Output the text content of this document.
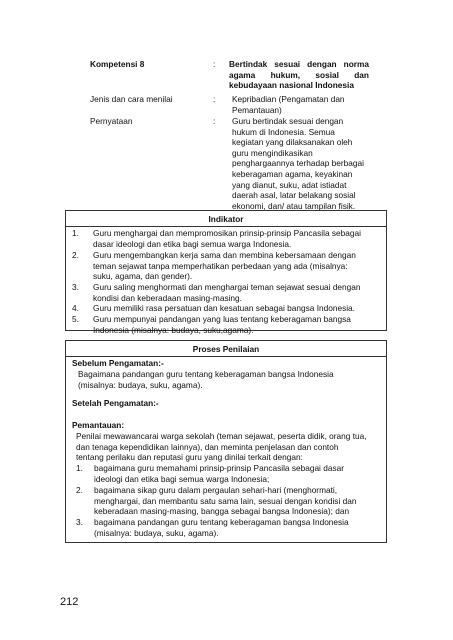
Kompetensi 8	: Bertindak sesuai dengan norma
agama hukum, sosial dan
kebudayaan nasional Indonesia
Jenis dan cara menilai	: Kepribadian (Pengamatan dan
Pemantauan)
Pernyataan	: Guru bertindak sesuai dengan
hukum di Indonesia. Semua
kegiatan yang dilaksanakan oleh
guru mengindikasikan
penghargaannya terhadap berbagai
keberagaman agama, keyakinan
yang dianut, suku, adat istiadat
daerah asal, latar belakang sosial
ekonomi, dan/ atau tampilan fisik.
Indikator
1. Guru menghargai dan mempromosikan prinsip-prinsip Pancasila sebagai
dasar ideologi dan etika bagi semua warga Indonesia.
2. Guru mengembangkan kerja sama dan membina kebersamaan dengan
teman sejawat tanpa memperhatikan perbedaan yang ada (misalnya:
suku, agama, dan gender).
3. Guru saling menghormati dan menghargai teman sejawat sesuai dengan
kondisi dan keberadaan masing-masing.
4. Guru memiliki rasa persatuan dan kesatuan sebagai bangsa Indonesia.
5. Guru mempunyai pandangan yang luas tentang keberagaman bangsa
Indonesia (misalnya: budaya, suku,agama).
Proses Penilaian
Sebelum Pengamatan:-
Bagaimana pandangan guru tentang keberagaman bangsa Indonesia
(misalnya: budaya, suku, agama).
Setelah Pengamatan:-
Pemantauan:
Penilai mewawancarai warga sekolah (teman sejawat, peserta didik, orang tua,
dan tenaga kependidikan lainnya), dan meminta penjelasan dan contoh
tentang perilaku dan reputasi guru yang dinilai terkait dengan:
1. bagaimana guru memahami prinsip-prinsip Pancasila sebagai dasar
ideologi dan etika bagi semua warga Indonesia;
2. bagaimana sikap guru dalam pergaulan sehari-hari (menghormati,
menghargai, dan membantu satu sama lain, sesuai dengan kondisi dan
keberadaan masing-masing, bangga sebagai bangsa Indonesia); dan
3. bagaimana pandangan guru tentang keberagaman bangsa Indonesia
(misalnya: budaya, suku, agama).
212
